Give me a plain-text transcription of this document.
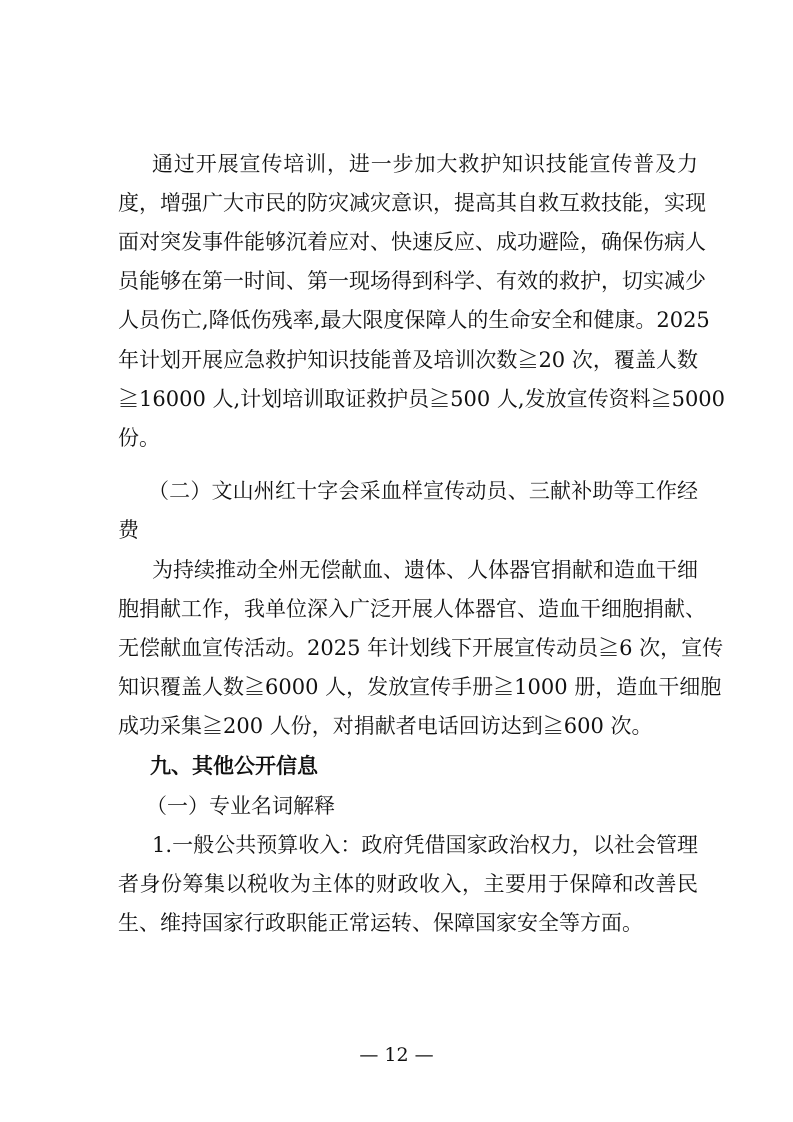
通过开展宣传培训，进一步加大救护知识技能宣传普及力
度，增强广大市民的防灾减灾意识，提高其自救互救技能，实现
面对突发事件能够沉着应对、快速反应、成功避险，确保伤病人
员能够在第一时间、第一现场得到科学、有效的救护，切实减少
人员伤亡,降低伤残率,最大限度保障人的生命安全和健康。2025
年计划开展应急救护知识技能普及培训次数≧20 次，覆盖人数
≧16000 人,计划培训取证救护员≧500 人,发放宣传资料≧5000
份。
（二）文山州红十字会采血样宣传动员、三献补助等工作经
费
为持续推动全州无偿献血、遗体、人体器官捐献和造血干细
胞捐献工作，我单位深入广泛开展人体器官、造血干细胞捐献、
无偿献血宣传活动。2025 年计划线下开展宣传动员≧6 次，宣传
知识覆盖人数≧6000 人，发放宣传手册≧1000 册，造血干细胞
成功采集≧200 人份，对捐献者电话回访达到≧600 次。
九、其他公开信息
（一）专业名词解释
1.一般公共预算收入：政府凭借国家政治权力，以社会管理
者身份筹集以税收为主体的财政收入，主要用于保障和改善民
生、维持国家行政职能正常运转、保障国家安全等方面。
— 12 —
